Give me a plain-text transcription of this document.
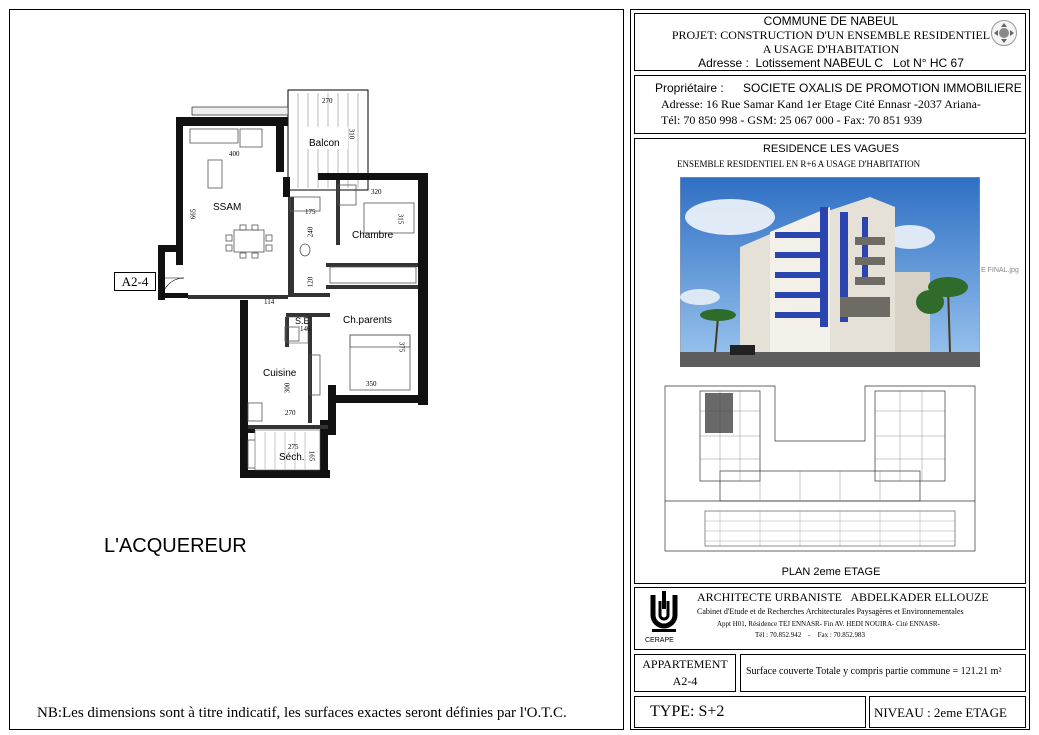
Balcon
SSAM
Chambre
S.E	Ch.parents
Cuisine
Séch.
270
310
400
665	175
240
320
315
120
114
146
375
350
300
270
275
165
A2-4
L'ACQUEREUR
NB:Les dimensions sont à titre indicatif, les surfaces exactes seront définies par l'O.T.C.
COMMUNE DE NABEUL
PROJET: CONSTRUCTION D'UN ENSEMBLE RESIDENTIEL
A USAGE D'HABITATION
Adresse :  Lotissement NABEUL C   Lot N° HC 67
Propriétaire : SOCIETE OXALIS DE PROMOTION IMMOBILIERE
Adresse: 16 Rue Samar Kand 1er Etage Cité Ennasr -2037 Ariana-
Tél: 70 850 998 - GSM: 25 067 000 - Fax: 70 851 939
RESIDENCE LES VAGUES
ENSEMBLE RESIDENTIEL EN R+6 A USAGE D'HABITATION
PLAN 2eme ETAGE
E FINAL.jpg
CERAPE
ARCHITECTE URBANISTE   ABDELKADER ELLOUZE
Cabinet d'Etude et de Recherches Architecturales Paysagères et Environnementales
Appt H01, Résidence TEJ ENNASR- Fin AV. HEDI NOUIRA- Cité ENNASR-
Tél : 70.852.942    -    Fax : 70.852.983
APPARTEMENT
A2-4
Surface couverte Totale y compris partie commune = 121.21 m²
TYPE: S+2	NIVEAU : 2eme ETAGE
